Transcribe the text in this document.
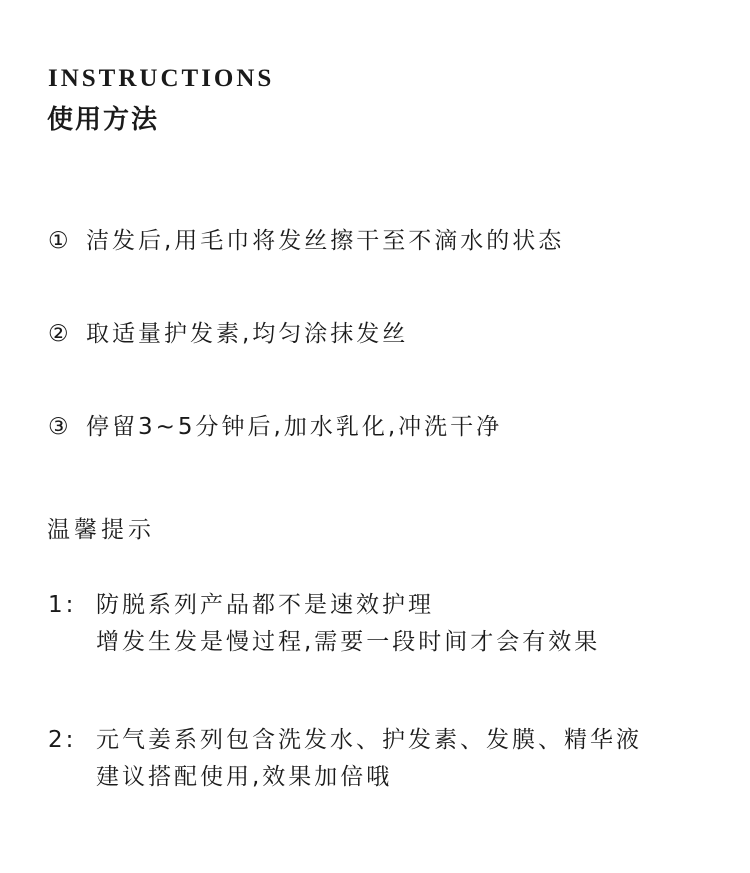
INSTRUCTIONS
使用方法
① 洁发后,用毛巾将发丝擦干至不滴水的状态
② 取适量护发素,均匀涂抹发丝
③ 停留3~5分钟后,加水乳化,冲洗干净
温馨提示
1: 防脱系列产品都不是速效护理
增发生发是慢过程,需要一段时间才会有效果
2: 元气姜系列包含洗发水、护发素、发膜、精华液
建议搭配使用,效果加倍哦
